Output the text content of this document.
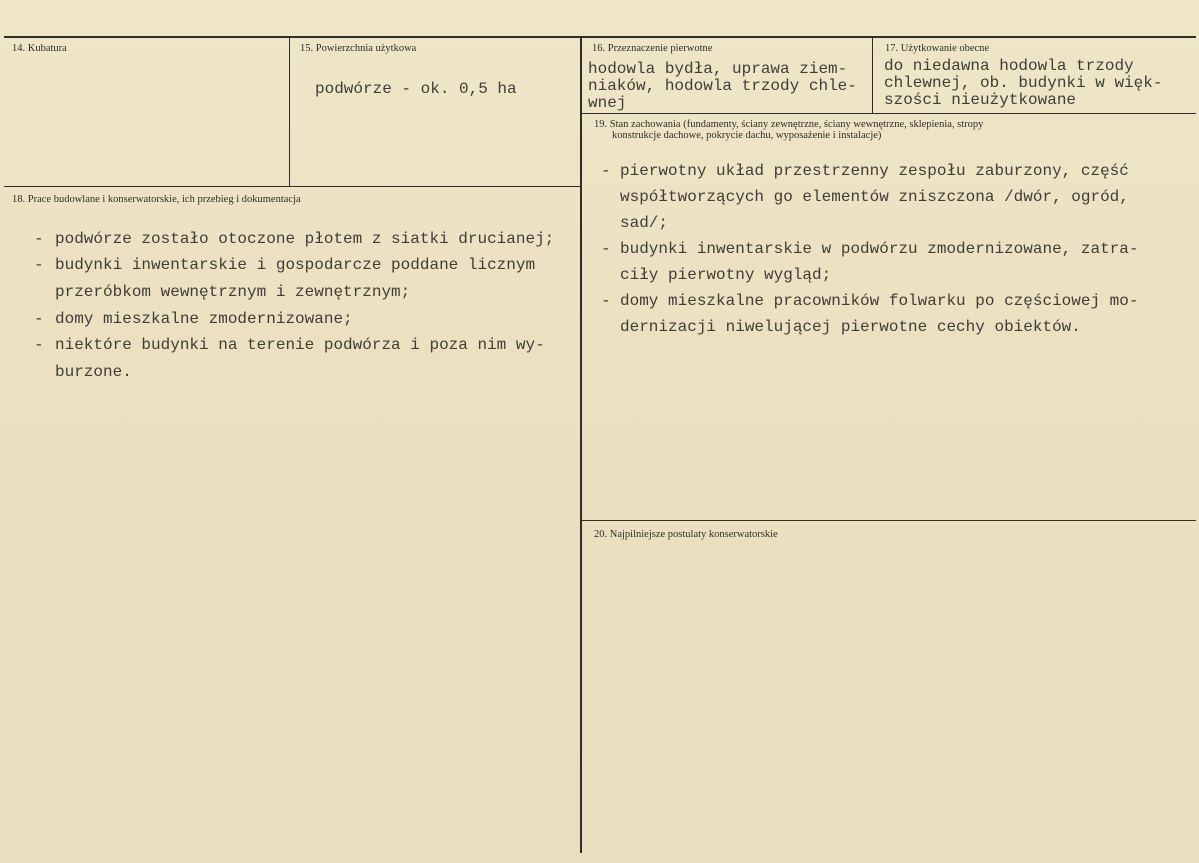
14. Kubatura	15. Powierzchnia użytkowa
podwórze - ok. 0,5 ha
16. Przeznaczenie pierwotne
hodowla bydła, uprawa ziem-
niaków, hodowla trzody chle-
wnej
17. Użytkowanie obecne
do niedawna hodowla trzody
chlewnej, ob. budynki w więk-
szości nieużytkowane
18. Prace budowlane i konserwatorskie, ich przebieg i dokumentacja
- podwórze zostało otoczone płotem z siatki drucianej;
- budynki inwentarskie i gospodarcze poddane licznym
przeróbkom wewnętrznym i zewnętrznym;
- domy mieszkalne zmodernizowane;
- niektóre budynki na terenie podwórza i poza nim wy-
burzone.
19. Stan zachowania (fundamenty, ściany zewnętrzne, ściany wewnętrzne, sklepienia, stropy
konstrukcje dachowe, pokrycie dachu, wyposażenie i instalacje)
- pierwotny układ przestrzenny zespołu zaburzony, część
współtworzących go elementów zniszczona /dwór, ogród,
sad/;
- budynki inwentarskie w podwórzu zmodernizowane, zatra-
ciły pierwotny wygląd;
- domy mieszkalne pracowników folwarku po częściowej mo-
dernizacji niwelującej pierwotne cechy obiektów.
20. Najpilniejsze postulaty konserwatorskie
